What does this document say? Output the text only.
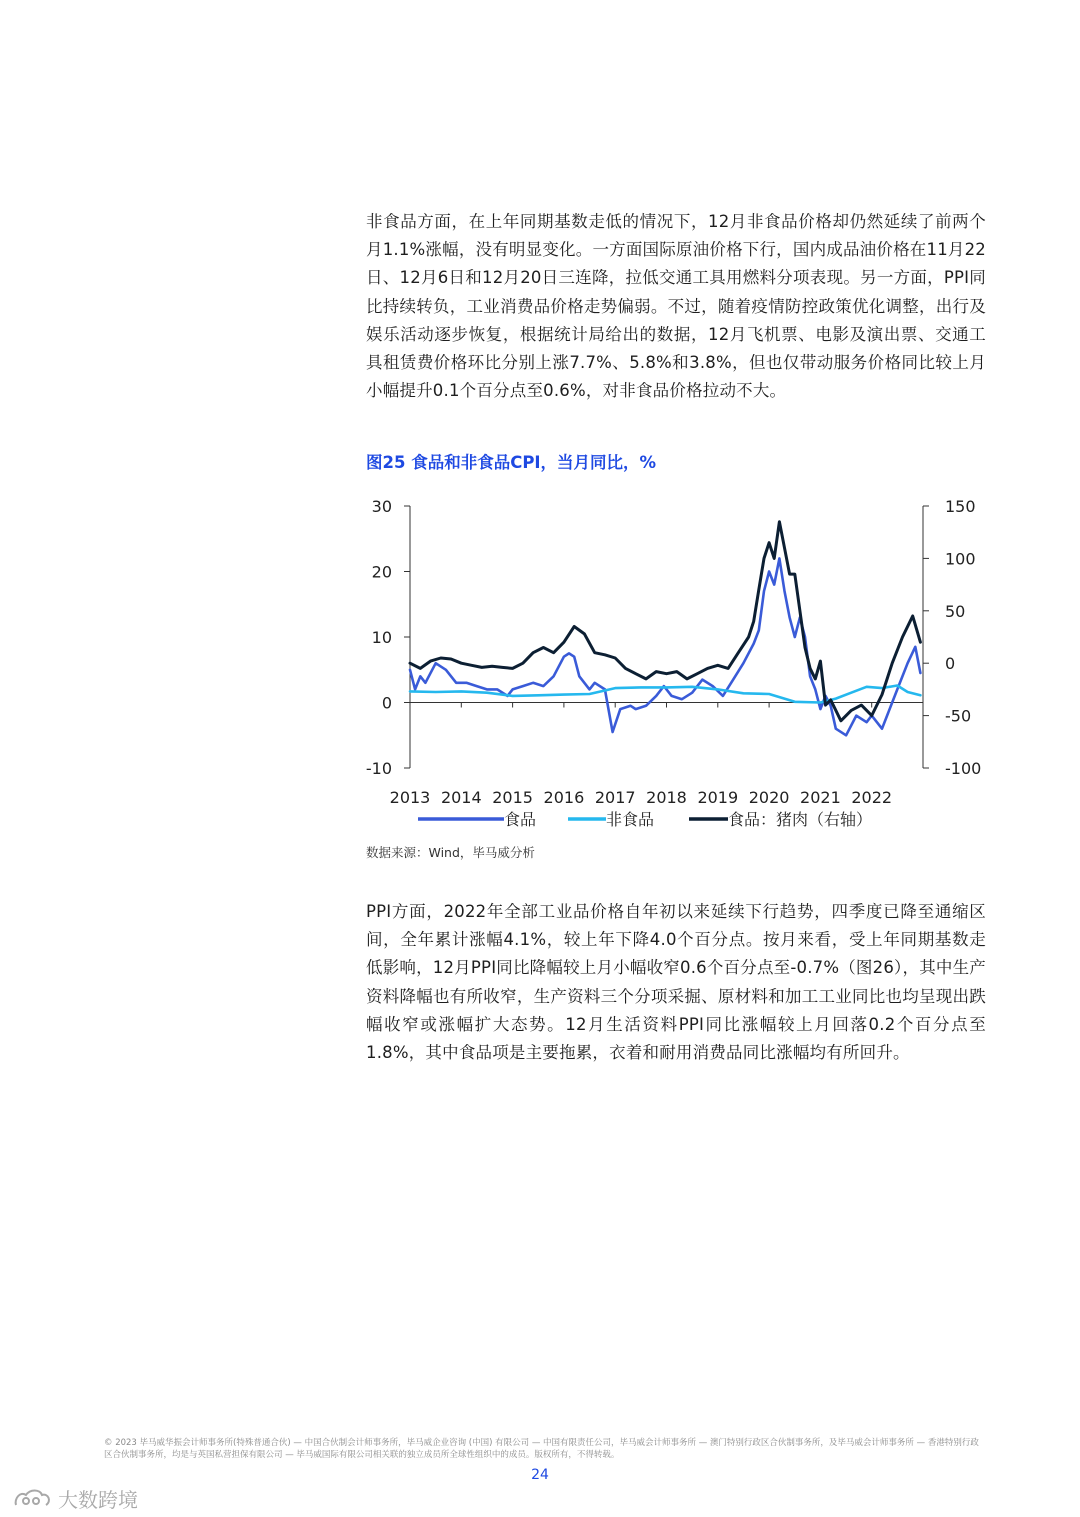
非食品方面，在上年同期基数走低的情况下，12月非食品价格却仍然延续了前两个月1.1%涨幅，没有明显变化。一方面国际原油价格下行，国内成品油价格在11月22日、12月6日和12月20日三连降，拉低交通工具用燃料分项表现。另一方面，PPI同比持续转负，工业消费品价格走势偏弱。不过，随着疫情防控政策优化调整，出行及娱乐活动逐步恢复，根据统计局给出的数据，12月飞机票、电影及演出票、交通工具租赁费价格环比分别上涨7.7%、5.8%和3.8%，但也仅带动服务价格同比较上月小幅提升0.1个百分点至0.6%，对非食品价格拉动不大。

图25 食品和非食品CPI，当月同比，%
30
20
10
0
-10
150
100
50
0
-50
-100
2013 2014 2015 2016 2017 2018 2019 2020 2021 2022
食品	非食品	食品：猪肉（右轴）
数据来源：Wind，毕马威分析

PPI方面，2022年全部工业品价格自年初以来延续下行趋势，四季度已降至通缩区间，全年累计涨幅4.1%，较上年下降4.0个百分点。按月来看，受上年同期基数走低影响，12月PPI同比降幅较上月小幅收窄0.6个百分点至-0.7%（图26），其中生产资料降幅也有所收窄，生产资料三个分项采掘、原材料和加工工业同比也均呈现出跌幅收窄或涨幅扩大态势。12月生活资料PPI同比涨幅较上月回落0.2个百分点至1.8%，其中食品项是主要拖累，衣着和耐用消费品同比涨幅均有所回升。

© 2023 毕马威华振会计师事务所(特殊普通合伙) — 中国合伙制会计师事务所，毕马威企业咨询 (中国) 有限公司 — 中国有限责任公司，毕马威会计师事务所 — 澳门特别行政区合伙制事务所，及毕马威会计师事务所 — 香港特别行政区合伙制事务所，均是与英国私营担保有限公司 — 毕马威国际有限公司相关联的独立成员所全球性组织中的成员。版权所有，不得转载。
24
大数跨境
